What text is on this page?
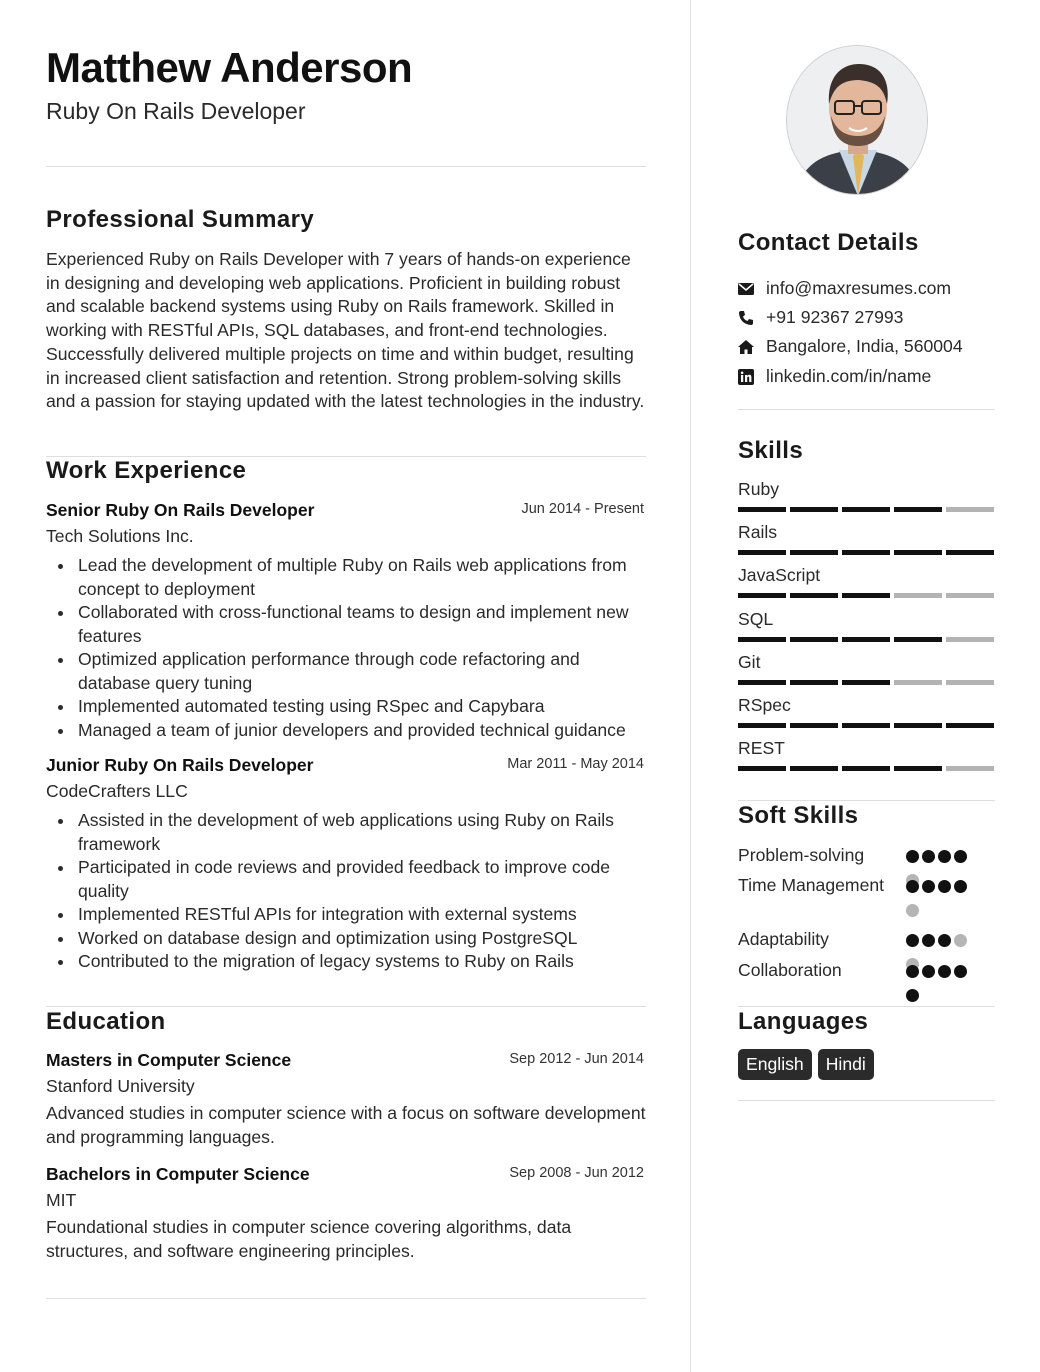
Matthew Anderson
Ruby On Rails Developer
Professional Summary
Experienced Ruby on Rails Developer with 7 years of hands-on experience in designing and developing web applications. Proficient in building robust and scalable backend systems using Ruby on Rails framework. Skilled in working with RESTful APIs, SQL databases, and front-end technologies. Successfully delivered multiple projects on time and within budget, resulting in increased client satisfaction and retention. Strong problem-solving skills and a passion for staying updated with the latest technologies in the industry.
Work Experience
Senior Ruby On Rails Developer	Jun 2014 - Present
Tech Solutions Inc.
Lead the development of multiple Ruby on Rails web applications from concept to deployment
Collaborated with cross-functional teams to design and implement new features
Optimized application performance through code refactoring and database query tuning
Implemented automated testing using RSpec and Capybara
Managed a team of junior developers and provided technical guidance
Junior Ruby On Rails Developer	Mar 2011 - May 2014
CodeCrafters LLC
Assisted in the development of web applications using Ruby on Rails framework
Participated in code reviews and provided feedback to improve code quality
Implemented RESTful APIs for integration with external systems
Worked on database design and optimization using PostgreSQL
Contributed to the migration of legacy systems to Ruby on Rails
Education
Masters in Computer Science	Sep 2012 - Jun 2014
Stanford University
Advanced studies in computer science with a focus on software development and programming languages.
Bachelors in Computer Science	Sep 2008 - Jun 2012
MIT
Foundational studies in computer science covering algorithms, data structures, and software engineering principles.
Contact Details
info@maxresumes.com
+91 92367 27993
Bangalore, India, 560004
linkedin.com/in/name
Skills
Ruby
Rails
JavaScript
SQL
Git
RSpec
REST
Soft Skills
Problem-solving
Time Management
Adaptability
Collaboration
Languages
English	Hindi
